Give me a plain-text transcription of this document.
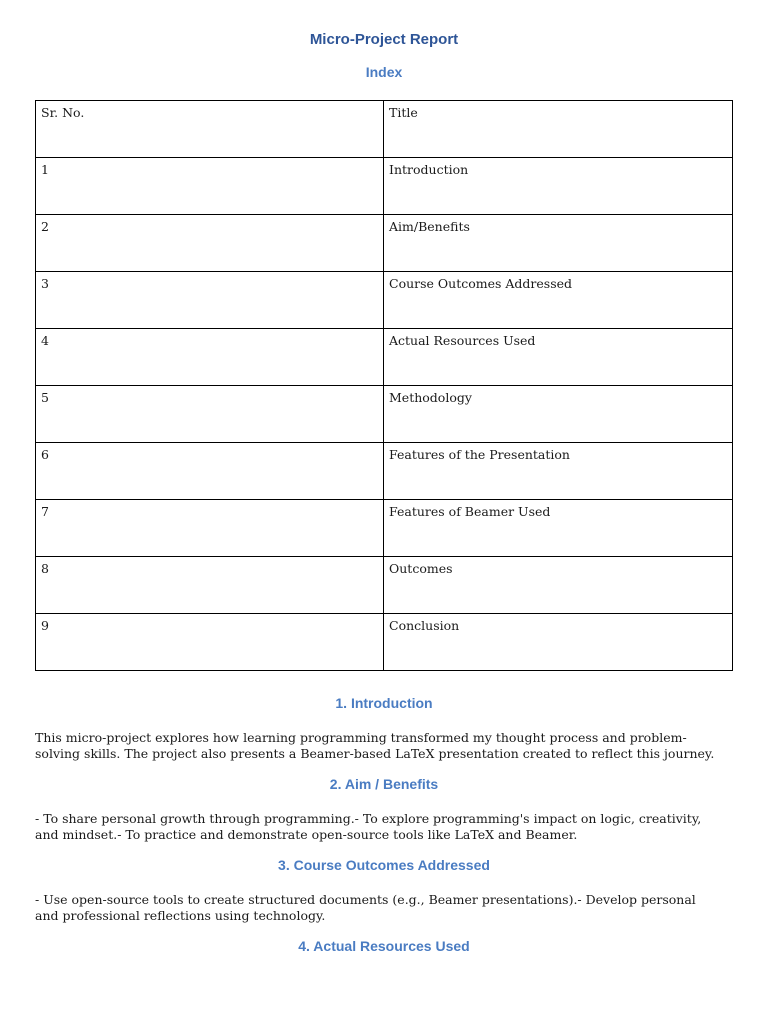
Micro-Project Report
Index
Sr. No.	Title
1	Introduction
2	Aim/Benefits
3	Course Outcomes Addressed
4	Actual Resources Used
5	Methodology
6	Features of the Presentation
7	Features of Beamer Used
8	Outcomes
9	Conclusion
1. Introduction
This micro-project explores how learning programming transformed my thought process and problem-solving skills. The project also presents a Beamer-based LaTeX presentation created to reflect this journey.
2. Aim / Benefits
- To share personal growth through programming.- To explore programming's impact on logic, creativity, and mindset.- To practice and demonstrate open-source tools like LaTeX and Beamer.
3. Course Outcomes Addressed
- Use open-source tools to create structured documents (e.g., Beamer presentations).- Develop personal and professional reflections using technology.
4. Actual Resources Used
